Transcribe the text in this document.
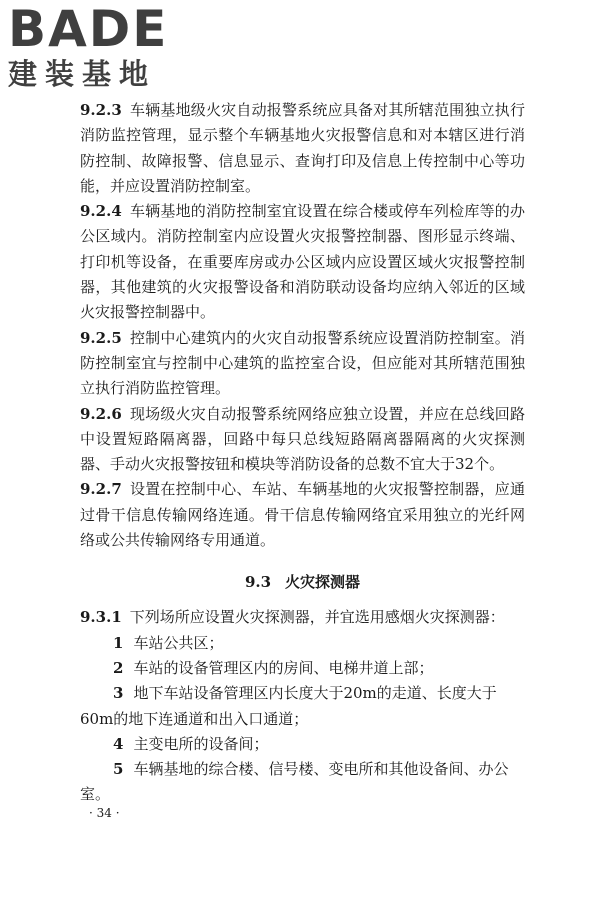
BADE
建装基地

9.2.3 车辆基地级火灾自动报警系统应具备对其所辖范围独立执行消防监控管理，显示整个车辆基地火灾报警信息和对本辖区进行消防控制、故障报警、信息显示、查询打印及信息上传控制中心等功能，并应设置消防控制室。

9.2.4 车辆基地的消防控制室宜设置在综合楼或停车列检库等的办公区域内。消防控制室内应设置火灾报警控制器、图形显示终端、打印机等设备，在重要库房或办公区域内应设置区域火灾报警控制器，其他建筑的火灾报警设备和消防联动设备均应纳入邻近的区域火灾报警控制器中。

9.2.5 控制中心建筑内的火灾自动报警系统应设置消防控制室。消防控制室宜与控制中心建筑的监控室合设，但应能对其所辖范围独立执行消防监控管理。

9.2.6 现场级火灾自动报警系统网络应独立设置，并应在总线回路中设置短路隔离器，回路中每只总线短路隔离器隔离的火灾探测器、手动火灾报警按钮和模块等消防设备的总数不宜大于32个。

9.2.7 设置在控制中心、车站、车辆基地的火灾报警控制器，应通过骨干信息传输网络连通。骨干信息传输网络宜采用独立的光纤网络或公共传输网络专用通道。

9.3 火灾探测器

9.3.1 下列场所应设置火灾探测器，并宜选用感烟火灾探测器：

1 车站公共区；

2 车站的设备管理区内的房间、电梯井道上部；

3 地下车站设备管理区内长度大于20m的走道、长度大于60m的地下连通道和出入口通道；

4 主变电所的设备间；

5 车辆基地的综合楼、信号楼、变电所和其他设备间、办公室。

· 34 ·
